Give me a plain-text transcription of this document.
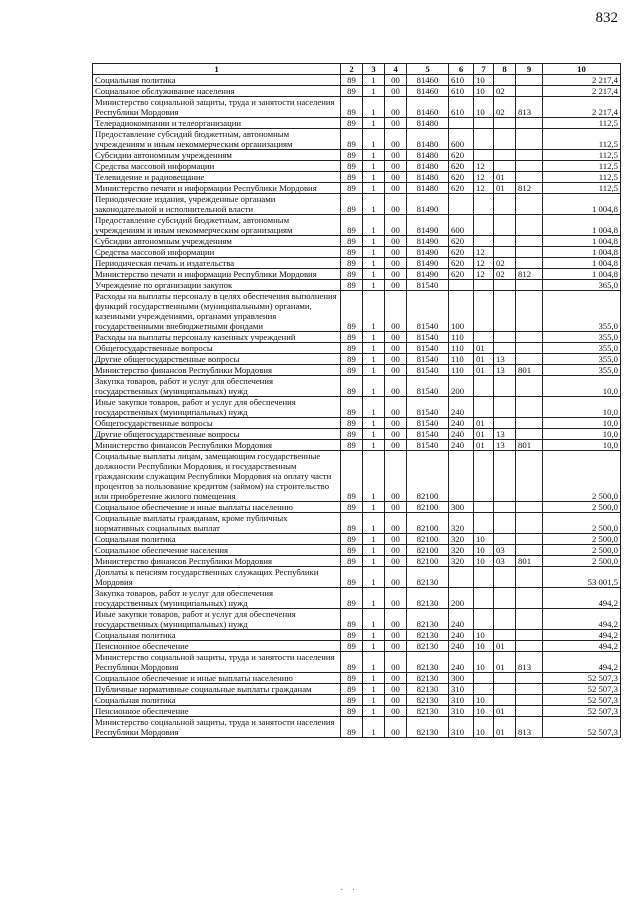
832
1	2	3	4	5	6	7	8	9	10
Социальная политика	89	1	00	81460	610	10			2 217,4
Социальное обслуживание населения	89	1	00	81460	610	10	02		2 217,4
Министерство социальной защиты, труда и занятости населения Республики Мордовия	89	1	00	81460	610	10	02	813	2 217,4
Телерадиокомпании и телеорганизации	89	1	00	81480					112,5
Предоставление субсидий бюджетным, автономным учреждениям и иным некоммерческим организациям	89	1	00	81480	600				112,5
Субсидии автономным учреждениям	89	1	00	81480	620				112,5
Средства массовой информации	89	1	00	81480	620	12			112,5
Телевидение и радиовещание	89	1	00	81480	620	12	01		112,5
Министерство печати и информации Республики Мордовия	89	1	00	81480	620	12	01	812	112,5
Периодические издания, учрежденные органами законодательной и исполнительной власти	89	1	00	81490					1 004,8
Предоставление субсидий бюджетным, автономным учреждениям и иным некоммерческим организациям	89	1	00	81490	600				1 004,8
Субсидии автономным учреждениям	89	1	00	81490	620				1 004,8
Средства массовой информации	89	1	00	81490	620	12			1 004,8
Периодическая печать и издательства	89	1	00	81490	620	12	02		1 004,8
Министерство печати и информации Республики Мордовия	89	1	00	81490	620	12	02	812	1 004,8
Учреждение по организации закупок	89	1	00	81540					365,0
Расходы на выплаты персоналу в целях обеспечения выполнения функций государственными (муниципальными) органами, казенными учреждениями, органами управления государственными внебюджетными фондами	89	1	00	81540	100				355,0
Расходы на выплаты персоналу казенных учреждений	89	1	00	81540	110				355,0
Общегосударственные вопросы	89	1	00	81540	110	01			355,0
Другие общегосударственные вопросы	89	1	00	81540	110	01	13		355,0
Министерство финансов Республики Мордовия	89	1	00	81540	110	01	13	801	355,0
Закупка товаров, работ и услуг для обеспечения государственных (муниципальных) нужд	89	1	00	81540	200				10,0
Иные закупки товаров, работ и услуг для обеспечения государственных (муниципальных) нужд	89	1	00	81540	240				10,0
Общегосударственные вопросы	89	1	00	81540	240	01			10,0
Другие общегосударственные вопросы	89	1	00	81540	240	01	13		10,0
Министерство финансов Республики Мордовия	89	1	00	81540	240	01	13	801	10,0
Социальные выплаты лицам, замещающим государственные должности Республики Мордовия, и государственным гражданским служащим Республики Мордовия на оплату части процентов за пользование кредитом (займом) на строительство или приобретение жилого помещения	89	1	00	82100					2 500,0
Социальное обеспечение и иные выплаты населению	89	1	00	82100	300				2 500,0
Социальные выплаты гражданам, кроме публичных нормативных социальных выплат	89	1	00	82100	320				2 500,0
Социальная политика	89	1	00	82100	320	10			2 500,0
Социальное обеспечение населения	89	1	00	82100	320	10	03		2 500,0
Министерство финансов Республики Мордовия	89	1	00	82100	320	10	03	801	2 500,0
Доплаты к пенсиям государственных служащих Республики Мордовия	89	1	00	82130					53 001,5
Закупка товаров, работ и услуг для обеспечения государственных (муниципальных) нужд	89	1	00	82130	200				494,2
Иные закупки товаров, работ и услуг для обеспечения государственных (муниципальных) нужд	89	1	00	82130	240				494,2
Социальная политика	89	1	00	82130	240	10			494,2
Пенсионное обеспечение	89	1	00	82130	240	10	01		494,2
Министерство социальной защиты, труда и занятости населения Республики Мордовия	89	1	00	82130	240	10	01	813	494,2
Социальное обеспечение и иные выплаты населению	89	1	00	82130	300				52 507,3
Публичные нормативные социальные выплаты гражданам	89	1	00	82130	310				52 507,3
Социальная политика	89	1	00	82130	310	10			52 507,3
Пенсионное обеспечение	89	1	00	82130	310	10	01		52 507,3
Министерство социальной защиты, труда и занятости населения Республики Мордовия	89	1	00	82130	310	10	01	813	52 507,3
· ·
